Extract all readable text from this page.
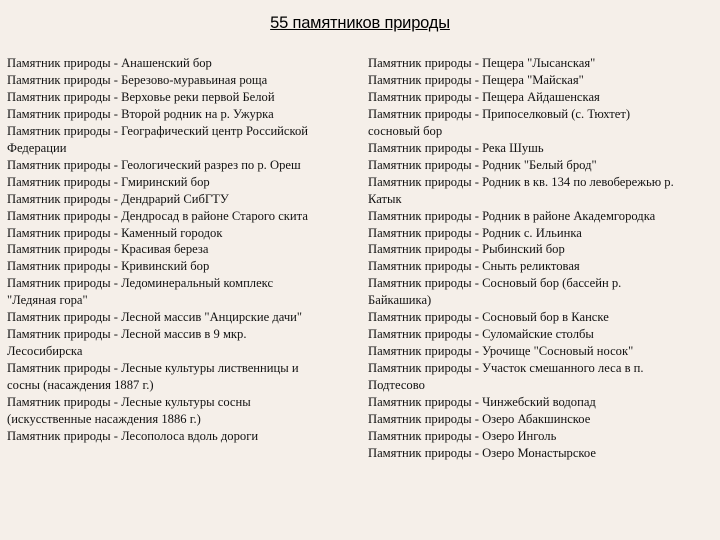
55 памятников природы
Памятник природы - Анашенский бор
Памятник природы - Березово-муравьиная роща
Памятник природы - Верховье реки первой Белой
Памятник природы - Второй родник на р. Ужурка
Памятник природы - Географический центр Российской
Федерации
Памятник природы - Геологический разрез по р. Ореш
Памятник природы - Гмиринский бор
Памятник природы - Дендрарий СибГТУ
Памятник природы - Дендросад в районе Старого скита
Памятник природы - Каменный городок
Памятник природы - Красивая береза
Памятник природы - Кривинский бор
Памятник природы - Ледоминеральный комплекс
"Ледяная гора"
Памятник природы - Лесной массив "Анцирские дачи"
Памятник природы - Лесной массив в 9 мкр.
Лесосибирска
Памятник природы - Лесные культуры лиственницы и
сосны (насаждения 1887 г.)
Памятник природы - Лесные культуры сосны
(искусственные насаждения 1886 г.)
Памятник природы - Лесополоса вдоль дороги
Памятник природы - Пещера "Лысанская"
Памятник природы - Пещера "Майская"
Памятник природы - Пещера Айдашенская
Памятник природы - Припоселковый (с. Тюхтет)
сосновый бор
Памятник природы - Река Шушь
Памятник природы - Родник "Белый брод"
Памятник природы - Родник в кв. 134 по левобережью р.
Катык
Памятник природы - Родник в районе Академгородка
Памятник природы - Родник с. Ильинка
Памятник природы - Рыбинский бор
Памятник природы - Сныть реликтовая
Памятник природы - Сосновый бор (бассейн р.
Байкашика)
Памятник природы - Сосновый бор в Канске
Памятник природы - Суломайские столбы
Памятник природы - Урочище "Сосновый носок"
Памятник природы - Участок смешанного леса в п.
Подтесово
Памятник природы - Чинжебский водопад
Памятник природы - Озеро Абакшинское
Памятник природы - Озеро Инголь
Памятник природы - Озеро Монастырское
